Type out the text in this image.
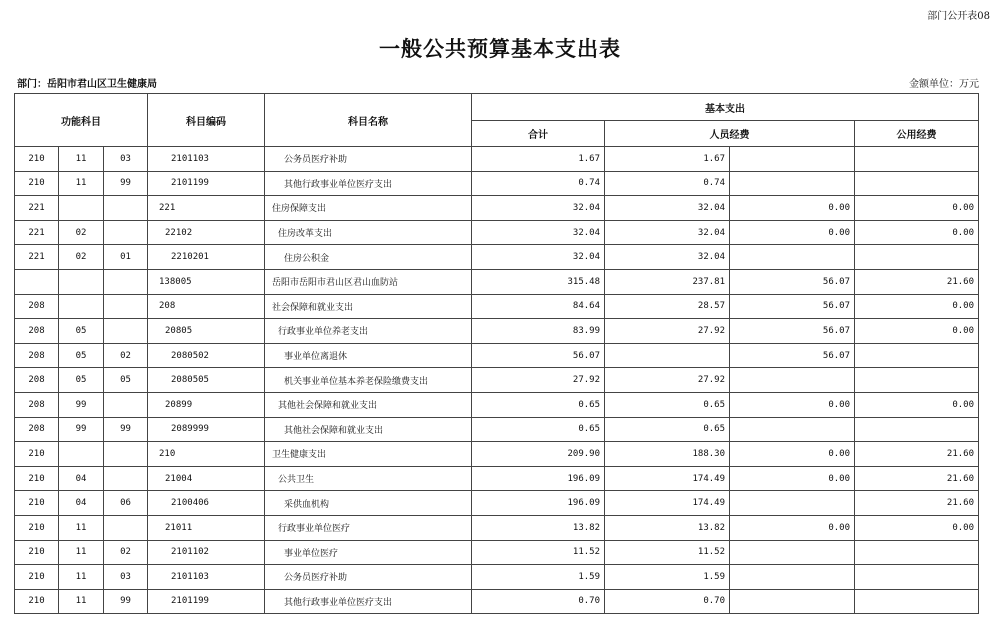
部门公开表08
一般公共预算基本支出表
部门：岳阳市君山区卫生健康局	金额单位：万元
功能科目			科目编码	科目名称	基本支出			
					合计	人员经费		公用经费
210	11	03	2101103	公务员医疗补助	1.67	1.67		
210	11	99	2101199	其他行政事业单位医疗支出	0.74	0.74		
221			221	住房保障支出	32.04	32.04	0.00	0.00
221	02		22102	住房改革支出	32.04	32.04	0.00	0.00
221	02	01	2210201	住房公积金	32.04	32.04		
			138005	岳阳市岳阳市君山区君山血防站	315.48	237.81	56.07	21.60
208			208	社会保障和就业支出	84.64	28.57	56.07	0.00
208	05		20805	行政事业单位养老支出	83.99	27.92	56.07	0.00
208	05	02	2080502	事业单位离退休	56.07		56.07	
208	05	05	2080505	机关事业单位基本养老保险缴费支出	27.92	27.92		
208	99		20899	其他社会保障和就业支出	0.65	0.65	0.00	0.00
208	99	99	2089999	其他社会保障和就业支出	0.65	0.65		
210			210	卫生健康支出	209.90	188.30	0.00	21.60
210	04		21004	公共卫生	196.09	174.49	0.00	21.60
210	04	06	2100406	采供血机构	196.09	174.49		21.60
210	11		21011	行政事业单位医疗	13.82	13.82	0.00	0.00
210	11	02	2101102	事业单位医疗	11.52	11.52		
210	11	03	2101103	公务员医疗补助	1.59	1.59		
210	11	99	2101199	其他行政事业单位医疗支出	0.70	0.70		
